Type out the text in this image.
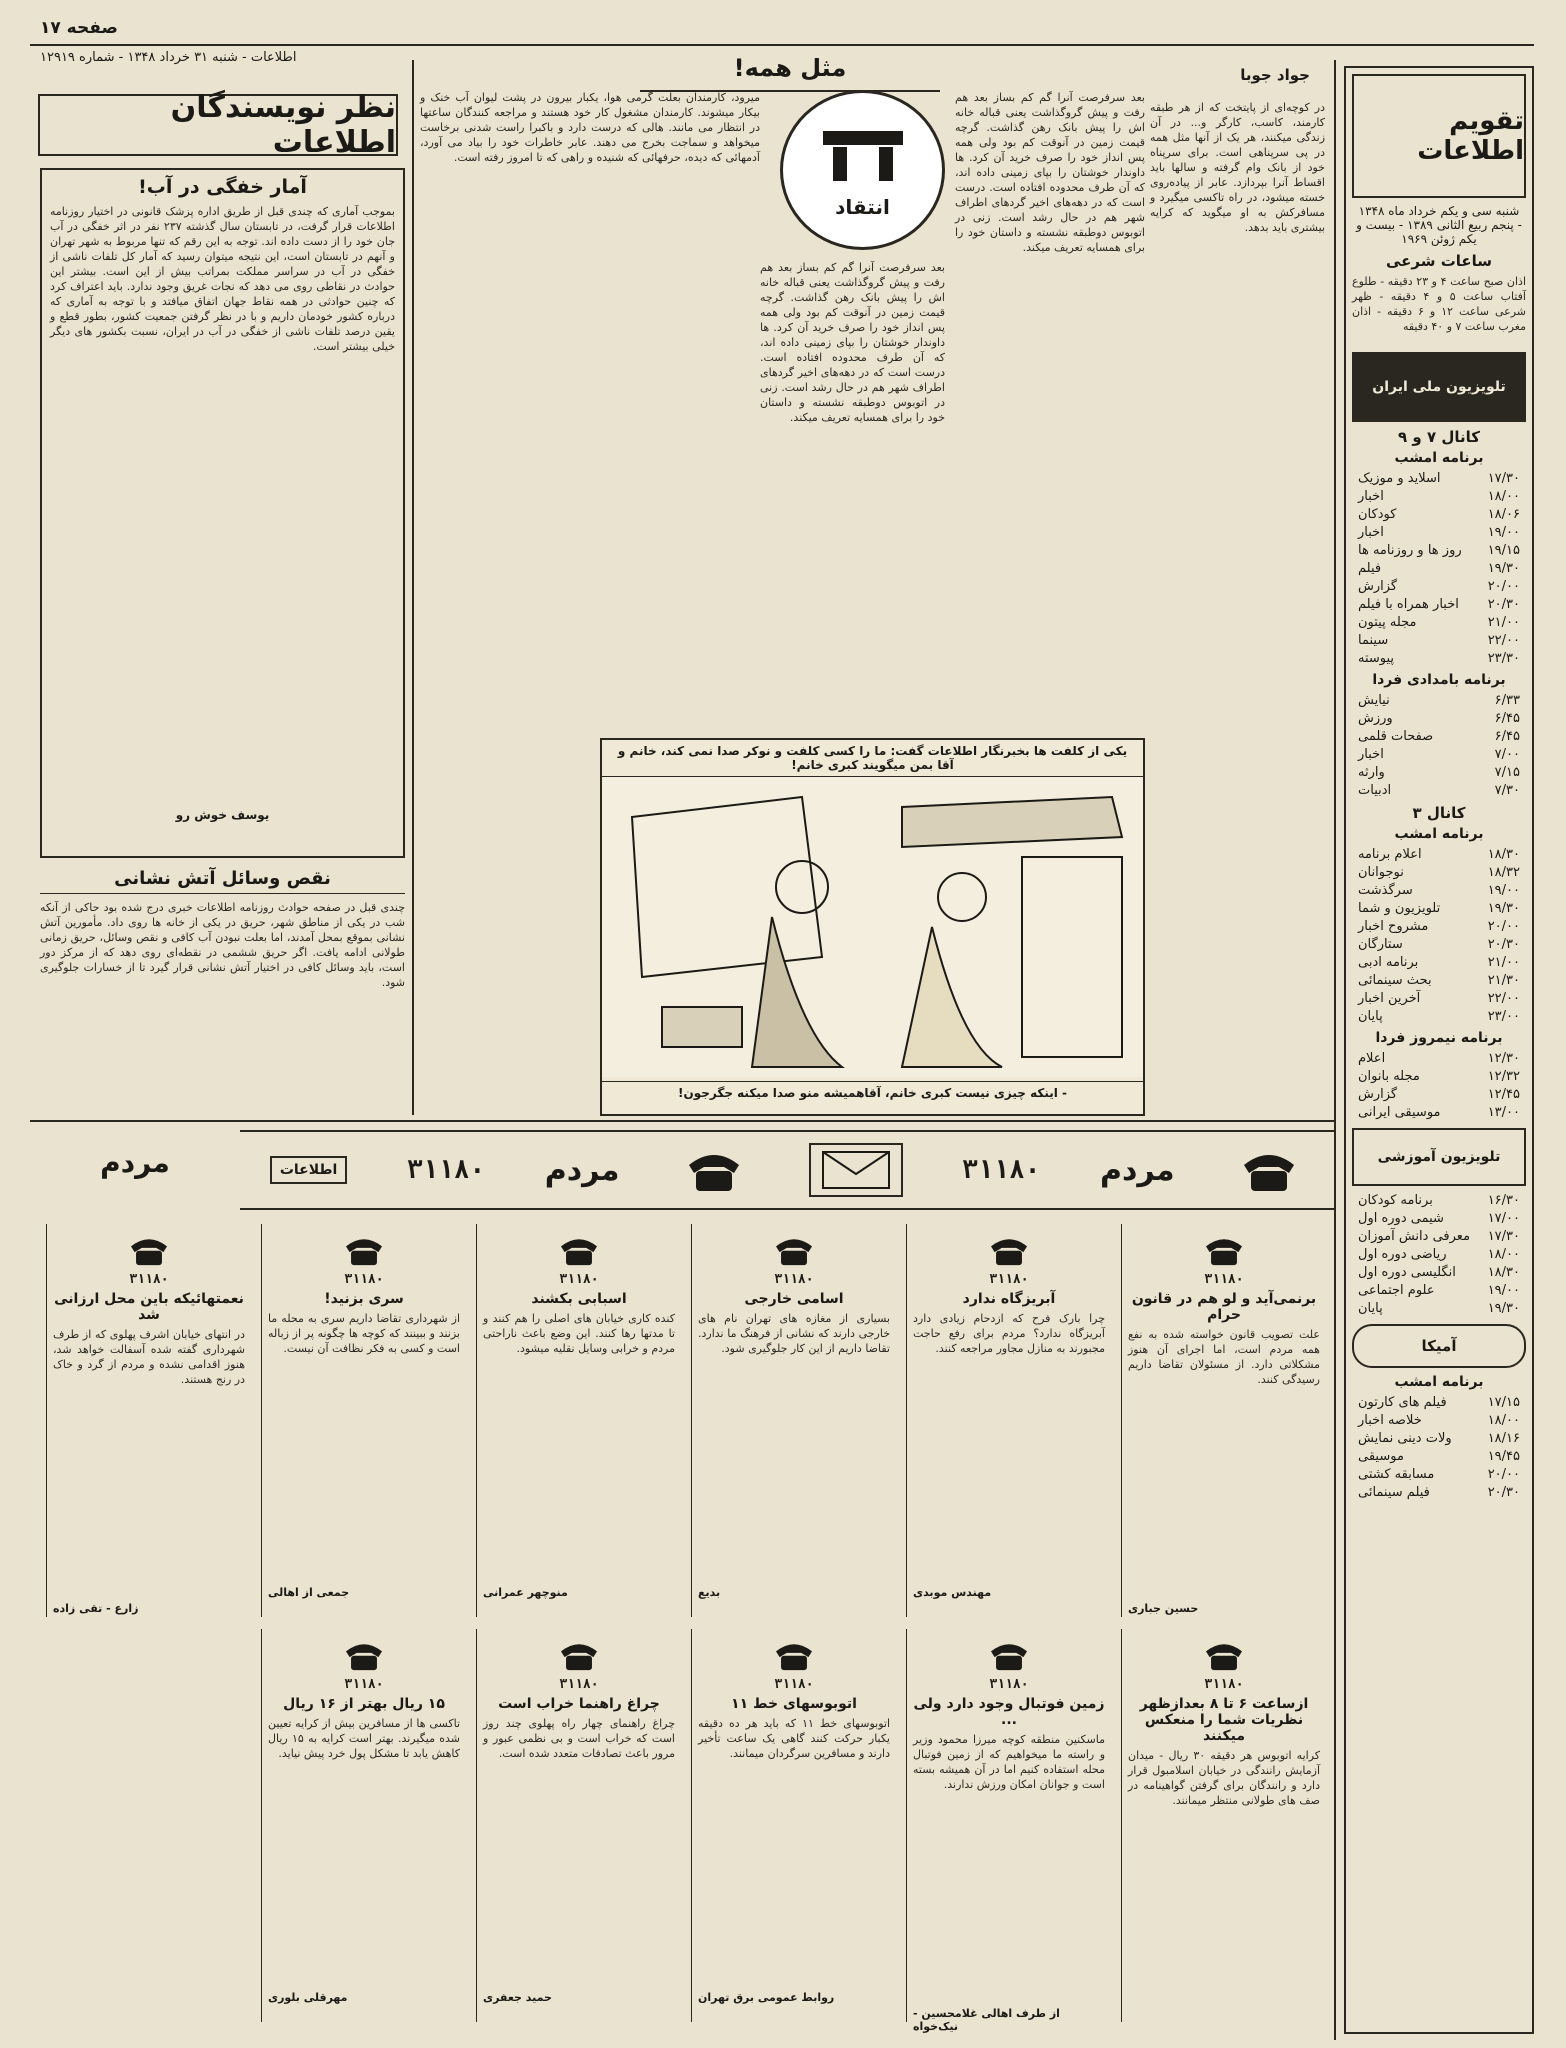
صفحه ۱۷
اطلاعات - شنبه ۳۱ خرداد ۱۳۴۸ - شماره ۱۲۹۱۹
نظر نویسندگان اطلاعات
مثل همه!	جواد جوبا
آمار خفگی در آب!
بموجب آماری که چندی قبل از طریق اداره پزشک قانونی در اختیار روزنامه اطلاعات قرار گرفت، در تابستان سال گذشته ۲۳۷ نفر در اثر خفگی در آب جان خود را از دست داده اند. توجه به این رقم که تنها مربوط به شهر تهران و آنهم در تابستان است، این نتیجه میتوان رسید که آمار کل تلفات ناشی از خفگی در آب در سراسر مملکت بمراتب بیش از این است. بیشتر این حوادث در نقاطی روی می دهد که نجات غریق وجود ندارد. باید اعتراف کرد که چنین حوادثی در همه نقاط جهان اتفاق میافتد و با توجه به آماری که درباره کشور خودمان داریم و با در نظر گرفتن جمعیت کشور، بطور قطع و یقین درصد تلفات ناشی از خفگی در آب در ایران، نسبت بکشور های دیگر خیلی بیشتر است.
یوسف خوش رو
نقص وسائل آتش نشانی
چندی قبل در صفحه حوادث روزنامه اطلاعات خبری درج شده بود حاکی از آنکه شب در یکی از مناطق شهر، حریق در یکی از خانه ها روی داد. مأمورین آتش نشانی بموقع بمحل آمدند، اما بعلت نبودن آب کافی و نقص وسائل، حریق زمانی طولانی ادامه یافت. اگر حریق ششمی در نقطه‌ای روی دهد که از مرکز دور است، باید وسائل کافی در اختیار آتش نشانی قرار گیرد تا از خسارات جلوگیری شود.
میرود، کارمندان بعلت گرمی هوا، یکبار بیرون در پشت لیوان آب خنک و بیکار میشوند. کارمندان مشغول کار خود هستند و مراجعه کنندگان ساعتها در انتظار می مانند. هالی که درست دارد و باکبرا راست شدنی برخاست میخواهد و سماجت بخرج می دهند. عابر خاطرات خود را بیاد می آورد، آدمهائی که دیده، حرفهائی که شنیده و راهی که تا امروز رفته است.
انتقاد
بعد سرفرصت آنرا گم کم بساز بعد هم رفت و پیش گروگذاشت یعنی قباله خانه اش را پیش بانک رهن گذاشت. گرچه قیمت زمین در آنوقت کم بود ولی همه پس انداز خود را صرف خرید آن کرد. ها داوندار خوشتان را بپای زمینی داده اند، که آن طرف محدوده افتاده است. درست است که در دهه‌های اخیر گردهای اطراف شهر هم در حال رشد است. زنی در اتوبوس دوطبقه نشسته و داستان خود را برای همسایه تعریف میکند.
بعد سرفرصت آنرا گم کم بساز بعد هم رفت و پیش گروگذاشت یعنی قباله خانه اش را پیش بانک رهن گذاشت. گرچه قیمت زمین در آنوقت کم بود ولی همه پس انداز خود را صرف خرید آن کرد. ها داوندار خوشتان را بپای زمینی داده اند، که آن طرف محدوده افتاده است. درست است که در دهه‌های اخیر گردهای اطراف شهر هم در حال رشد است. زنی در اتوبوس دوطبقه نشسته و داستان خود را برای همسایه تعریف میکند.
در کوچه‌ای از پایتخت که از هر طبقه کارمند، کاسب، کارگر و... در آن زندگی میکنند، هر یک از آنها مثل همه در پی سرپناهی است. برای سرپناه خود از بانک وام گرفته و سالها باید اقساط آنرا بپردازد. عابر از پیاده‌روی خسته میشود، در راه تاکسی میگیرد و مسافرکش به او میگوید که کرایه بیشتری باید بدهد.
یکی از کلفت ها بخبرنگار اطلاعات گفت: ما را کسی کلفت و نوکر صدا نمی کند، خانم و آقا بمن میگویند کبری خانم!
- اینکه چیزی نیست کبری خانم، آقاهمیشه منو صدا میکنه جگرجون!
تقویم اطلاعات
شنبه سی و یکم خرداد ماه ۱۳۴۸
- پنجم ربیع الثانی ۱۳۸۹ - بیست و یکم ژوئن ۱۹۶۹
ساعات شرعی
اذان صبح ساعت ۴ و ۲۳ دقیقه - طلوع آفتاب ساعت ۵ و ۴ دقیقه - ظهر شرعی ساعت ۱۲ و ۶ دقیقه - اذان مغرب ساعت ۷ و ۴۰ دقیقه
تلویزیون ملی ایران
کانال ۷ و ۹
برنامه امشب
۱۷/۳۰
اسلاید و موزیک
۱۸/۰۰
اخبار
۱۸/۰۶
کودکان
۱۹/۰۰
اخبار
۱۹/۱۵
روز ها و روزنامه ها
۱۹/۳۰
فیلم
۲۰/۰۰
گزارش
۲۰/۳۰
اخبار همراه با فیلم
۲۱/۰۰
مجله پیتون
۲۲/۰۰
سینما
۲۳/۳۰
پیوسته
برنامه بامدادی فردا
۶/۳۳
نیایش
۶/۴۵
ورزش
۶/۴۵
صفحات قلمی
۷/۰۰
اخبار
۷/۱۵
وارثه
۷/۳۰
ادبیات
کانال ۳
برنامه امشب
۱۸/۳۰
اعلام برنامه
۱۸/۳۲
نوجوانان
۱۹/۰۰
سرگذشت
۱۹/۳۰
تلویزیون و شما
۲۰/۰۰
مشروح اخبار
۲۰/۳۰
ستارگان
۲۱/۰۰
برنامه ادبی
۲۱/۳۰
بحث سینمائی
۲۲/۰۰
آخرین اخبار
۲۳/۰۰
پایان
برنامه نیمروز فردا
۱۲/۳۰
اعلام
۱۲/۳۲
مجله بانوان
۱۲/۴۵
گزارش
۱۳/۰۰
موسیقی ایرانی
تلویزیون آموزشی
۱۶/۳۰
برنامه کودکان
۱۷/۰۰
شیمی دوره اول
۱۷/۳۰
معرفی دانش آموزان
۱۸/۰۰
ریاضی دوره اول
۱۸/۳۰
انگلیسی دوره اول
۱۹/۰۰
علوم اجتماعی
۱۹/۳۰
پایان
آمیکا
برنامه امشب
۱۷/۱۵
فیلم های کارتون
۱۸/۰۰
خلاصه اخبار
۱۸/۱۶
ولات دینی نمایش
۱۹/۴۵
موسیقی
۲۰/۰۰
مسابقه کشتی
۲۰/۳۰
فیلم سینمائی
مردم
۳۱۱۸۰
مردم
۳۱۱۸۰
اطلاعات
مردم
۳۱۱۸۰
برنمی‌آید و لو هم در قانون حرام
علت تصویب قانون خواسته شده به نفع همه مردم است، اما اجرای آن هنوز مشکلاتی دارد. از مسئولان تقاضا داریم رسیدگی کنند.
حسین جباری
۳۱۱۸۰
آبریزگاه ندارد
چرا بارک فرح که ازدحام زیادی دارد آبریزگاه ندارد؟ مردم برای رفع حاجت مجبورند به منازل مجاور مراجعه کنند.
مهندس موبدی
۳۱۱۸۰
اسامی خارجی
بسیاری از مغازه های تهران نام های خارجی دارند که نشانی از فرهنگ ما ندارد. تقاضا داریم از این کار جلوگیری شود.
بدیع
۳۱۱۸۰
اسبابی بکشند
کنده کاری خیابان های اصلی را هم کنند و تا مدتها رها کنند. این وضع باعث ناراحتی مردم و خرابی وسایل نقلیه میشود.
منوچهر عمرانی
۳۱۱۸۰
سری بزنید!
از شهرداری تقاضا داریم سری به محله ما بزنند و ببینند که کوچه ها چگونه پر از زباله است و کسی به فکر نظافت آن نیست.
جمعی از اهالی
۳۱۱۸۰
نعمتهائیکه باین محل ارزانی شد
در انتهای خیابان اشرف پهلوی که از طرف شهرداری گفته شده آسفالت خواهد شد، هنوز اقدامی نشده و مردم از گرد و خاک در رنج هستند.
زارع - تقی زاده
۳۱۱۸۰
ازساعت ۶ تا ۸ بعدازظهر نظریات شما را منعکس میکنند
کرایه اتوبوس هر دقیقه ۳۰ ریال - میدان آزمایش رانندگی در خیابان اسلامبول قرار دارد و رانندگان برای گرفتن گواهینامه در صف های طولانی منتظر میمانند.
۳۱۱۸۰
زمین فوتبال وجود دارد ولی ...
ماسکنین منطقه کوچه میرزا محمود وزیر و راسته ما میخواهیم که از زمین فوتبال محله استفاده کنیم اما در آن همیشه بسته است و جوانان امکان ورزش ندارند.
از طرف اهالی غلامحسین - نیک‌خواه
۳۱۱۸۰
اتوبوسهای خط ۱۱
اتوبوسهای خط ۱۱ که باید هر ده دقیقه یکبار حرکت کنند گاهی یک ساعت تأخیر دارند و مسافرین سرگردان میمانند.
روابط عمومی برق تهران
۳۱۱۸۰
چراغ راهنما خراب است
چراغ راهنمای چهار راه پهلوی چند روز است که خراب است و بی نظمی عبور و مرور باعث تصادفات متعدد شده است.
حمید جعفری
۳۱۱۸۰
۱۵ ریال بهتر از ۱۶ ریال
تاکسی ها از مسافرین بیش از کرایه تعیین شده میگیرند. بهتر است کرایه به ۱۵ ریال کاهش یابد تا مشکل پول خرد پیش نیاید.
مهرقلی بلوری
